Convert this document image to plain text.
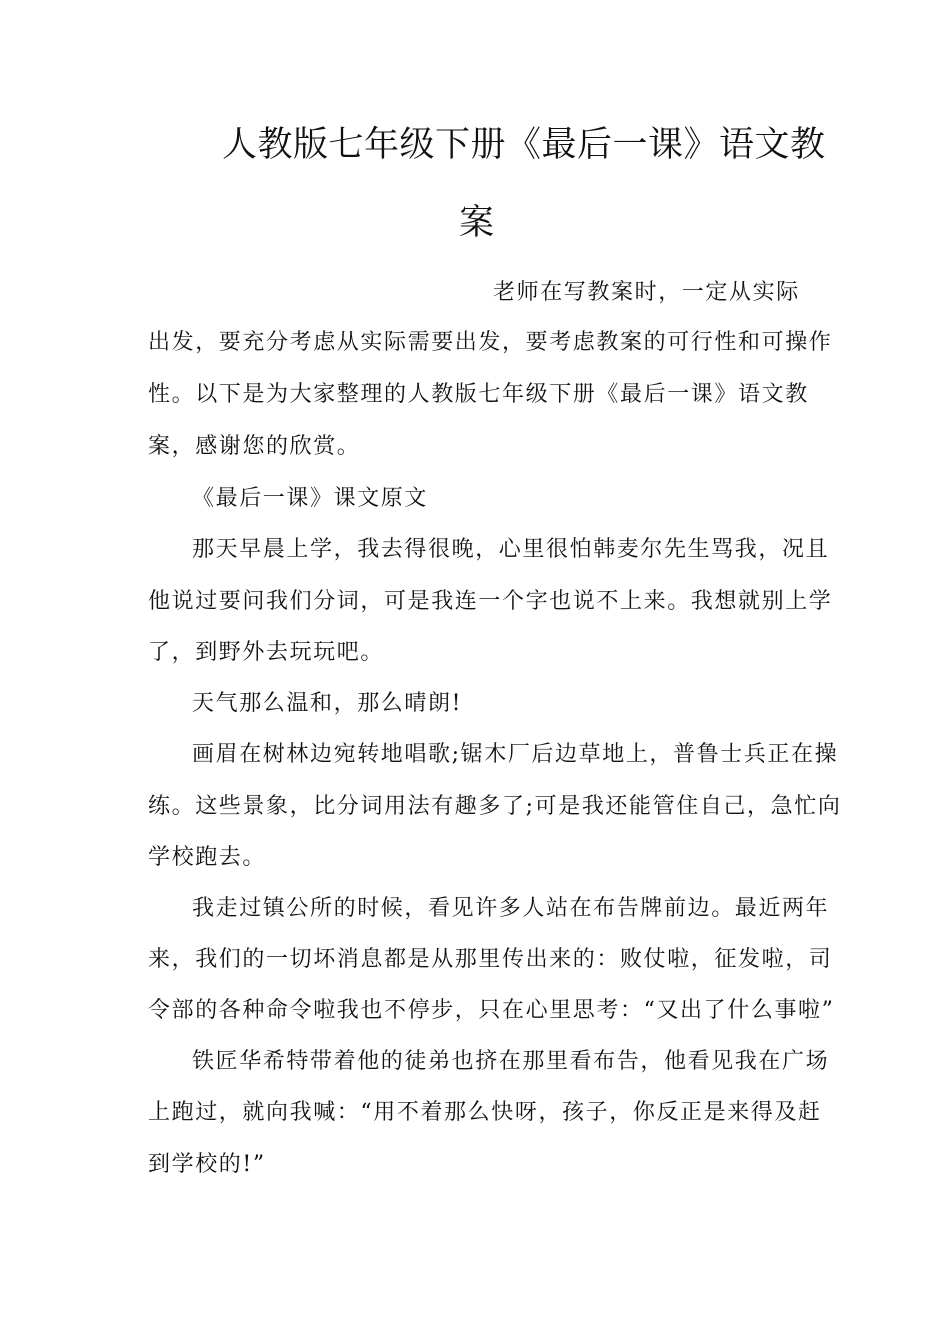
人教版七年级下册《最后一课》语文教
案
老师在写教案时，一定从实际
出发，要充分考虑从实际需要出发，要考虑教案的可行性和可操作
性。以下是为大家整理的人教版七年级下册《最后一课》语文教
案，感谢您的欣赏。
《最后一课》课文原文
那天早晨上学，我去得很晚，心里很怕韩麦尔先生骂我，况且
他说过要问我们分词，可是我连一个字也说不上来。我想就别上学
了，到野外去玩玩吧。
天气那么温和，那么晴朗!
画眉在树林边宛转地唱歌;锯木厂后边草地上，普鲁士兵正在操
练。这些景象，比分词用法有趣多了;可是我还能管住自己，急忙向
学校跑去。
我走过镇公所的时候，看见许多人站在布告牌前边。最近两年
来，我们的一切坏消息都是从那里传出来的：败仗啦，征发啦，司
令部的各种命令啦我也不停步，只在心里思考：“又出了什么事啦”
铁匠华希特带着他的徒弟也挤在那里看布告，他看见我在广场
上跑过，就向我喊：“用不着那么快呀，孩子，你反正是来得及赶
到学校的!”
